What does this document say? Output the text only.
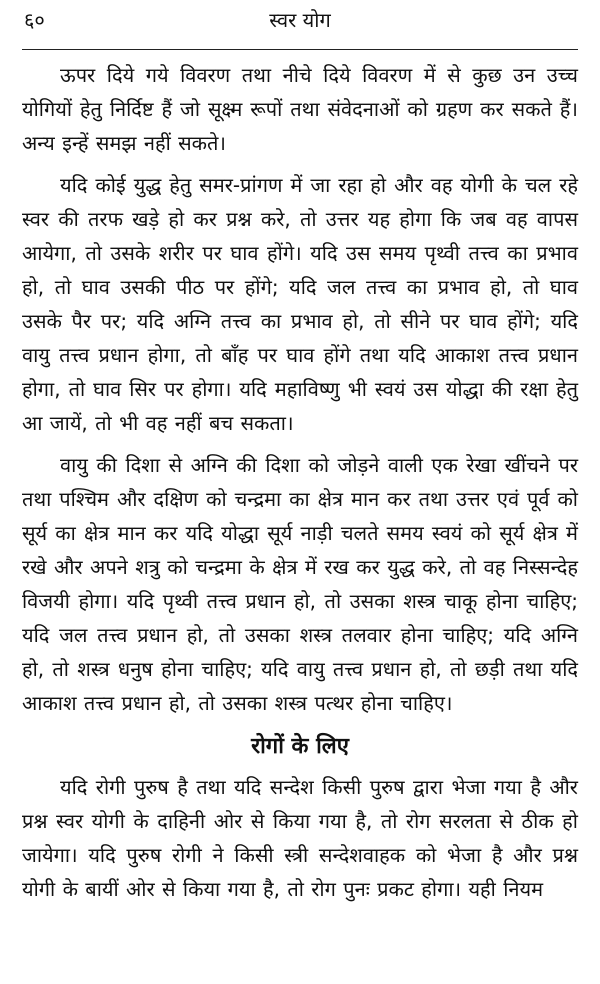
६०	स्वर योग

ऊपर दिये गये विवरण तथा नीचे दिये विवरण में से कुछ उन उच्च योगियों हेतु निर्दिष्ट हैं जो सूक्ष्म रूपों तथा संवेदनाओं को ग्रहण कर सकते हैं। अन्य इन्हें समझ नहीं सकते।

यदि कोई युद्ध हेतु समर-प्रांगण में जा रहा हो और वह योगी के चल रहे स्वर की तरफ खड़े हो कर प्रश्न करे, तो उत्तर यह होगा कि जब वह वापस आयेगा, तो उसके शरीर पर घाव होंगे। यदि उस समय पृथ्वी तत्त्व का प्रभाव हो, तो घाव उसकी पीठ पर होंगे; यदि जल तत्त्व का प्रभाव हो, तो घाव उसके पैर पर; यदि अग्नि तत्त्व का प्रभाव हो, तो सीने पर घाव होंगे; यदि वायु तत्त्व प्रधान होगा, तो बाँह पर घाव होंगे तथा यदि आकाश तत्त्व प्रधान होगा, तो घाव सिर पर होगा। यदि महाविष्णु भी स्वयं उस योद्धा की रक्षा हेतु आ जायें, तो भी वह नहीं बच सकता।

वायु की दिशा से अग्नि की दिशा को जोड़ने वाली एक रेखा खींचने पर तथा पश्चिम और दक्षिण को चन्द्रमा का क्षेत्र मान कर तथा उत्तर एवं पूर्व को सूर्य का क्षेत्र मान कर यदि योद्धा सूर्य नाड़ी चलते समय स्वयं को सूर्य क्षेत्र में रखे और अपने शत्रु को चन्द्रमा के क्षेत्र में रख कर युद्ध करे, तो वह निस्सन्देह विजयी होगा। यदि पृथ्वी तत्त्व प्रधान हो, तो उसका शस्त्र चाकू होना चाहिए; यदि जल तत्त्व प्रधान हो, तो उसका शस्त्र तलवार होना चाहिए; यदि अग्नि हो, तो शस्त्र धनुष होना चाहिए; यदि वायु तत्त्व प्रधान हो, तो छड़ी तथा यदि आकाश तत्त्व प्रधान हो, तो उसका शस्त्र पत्थर होना चाहिए।

रोगों के लिए

यदि रोगी पुरुष है तथा यदि सन्देश किसी पुरुष द्वारा भेजा गया है और प्रश्न स्वर योगी के दाहिनी ओर से किया गया है, तो रोग सरलता से ठीक हो जायेगा। यदि पुरुष रोगी ने किसी स्त्री सन्देशवाहक को भेजा है और प्रश्न योगी के बायीं ओर से किया गया है, तो रोग पुनः प्रकट होगा। यही नियम
